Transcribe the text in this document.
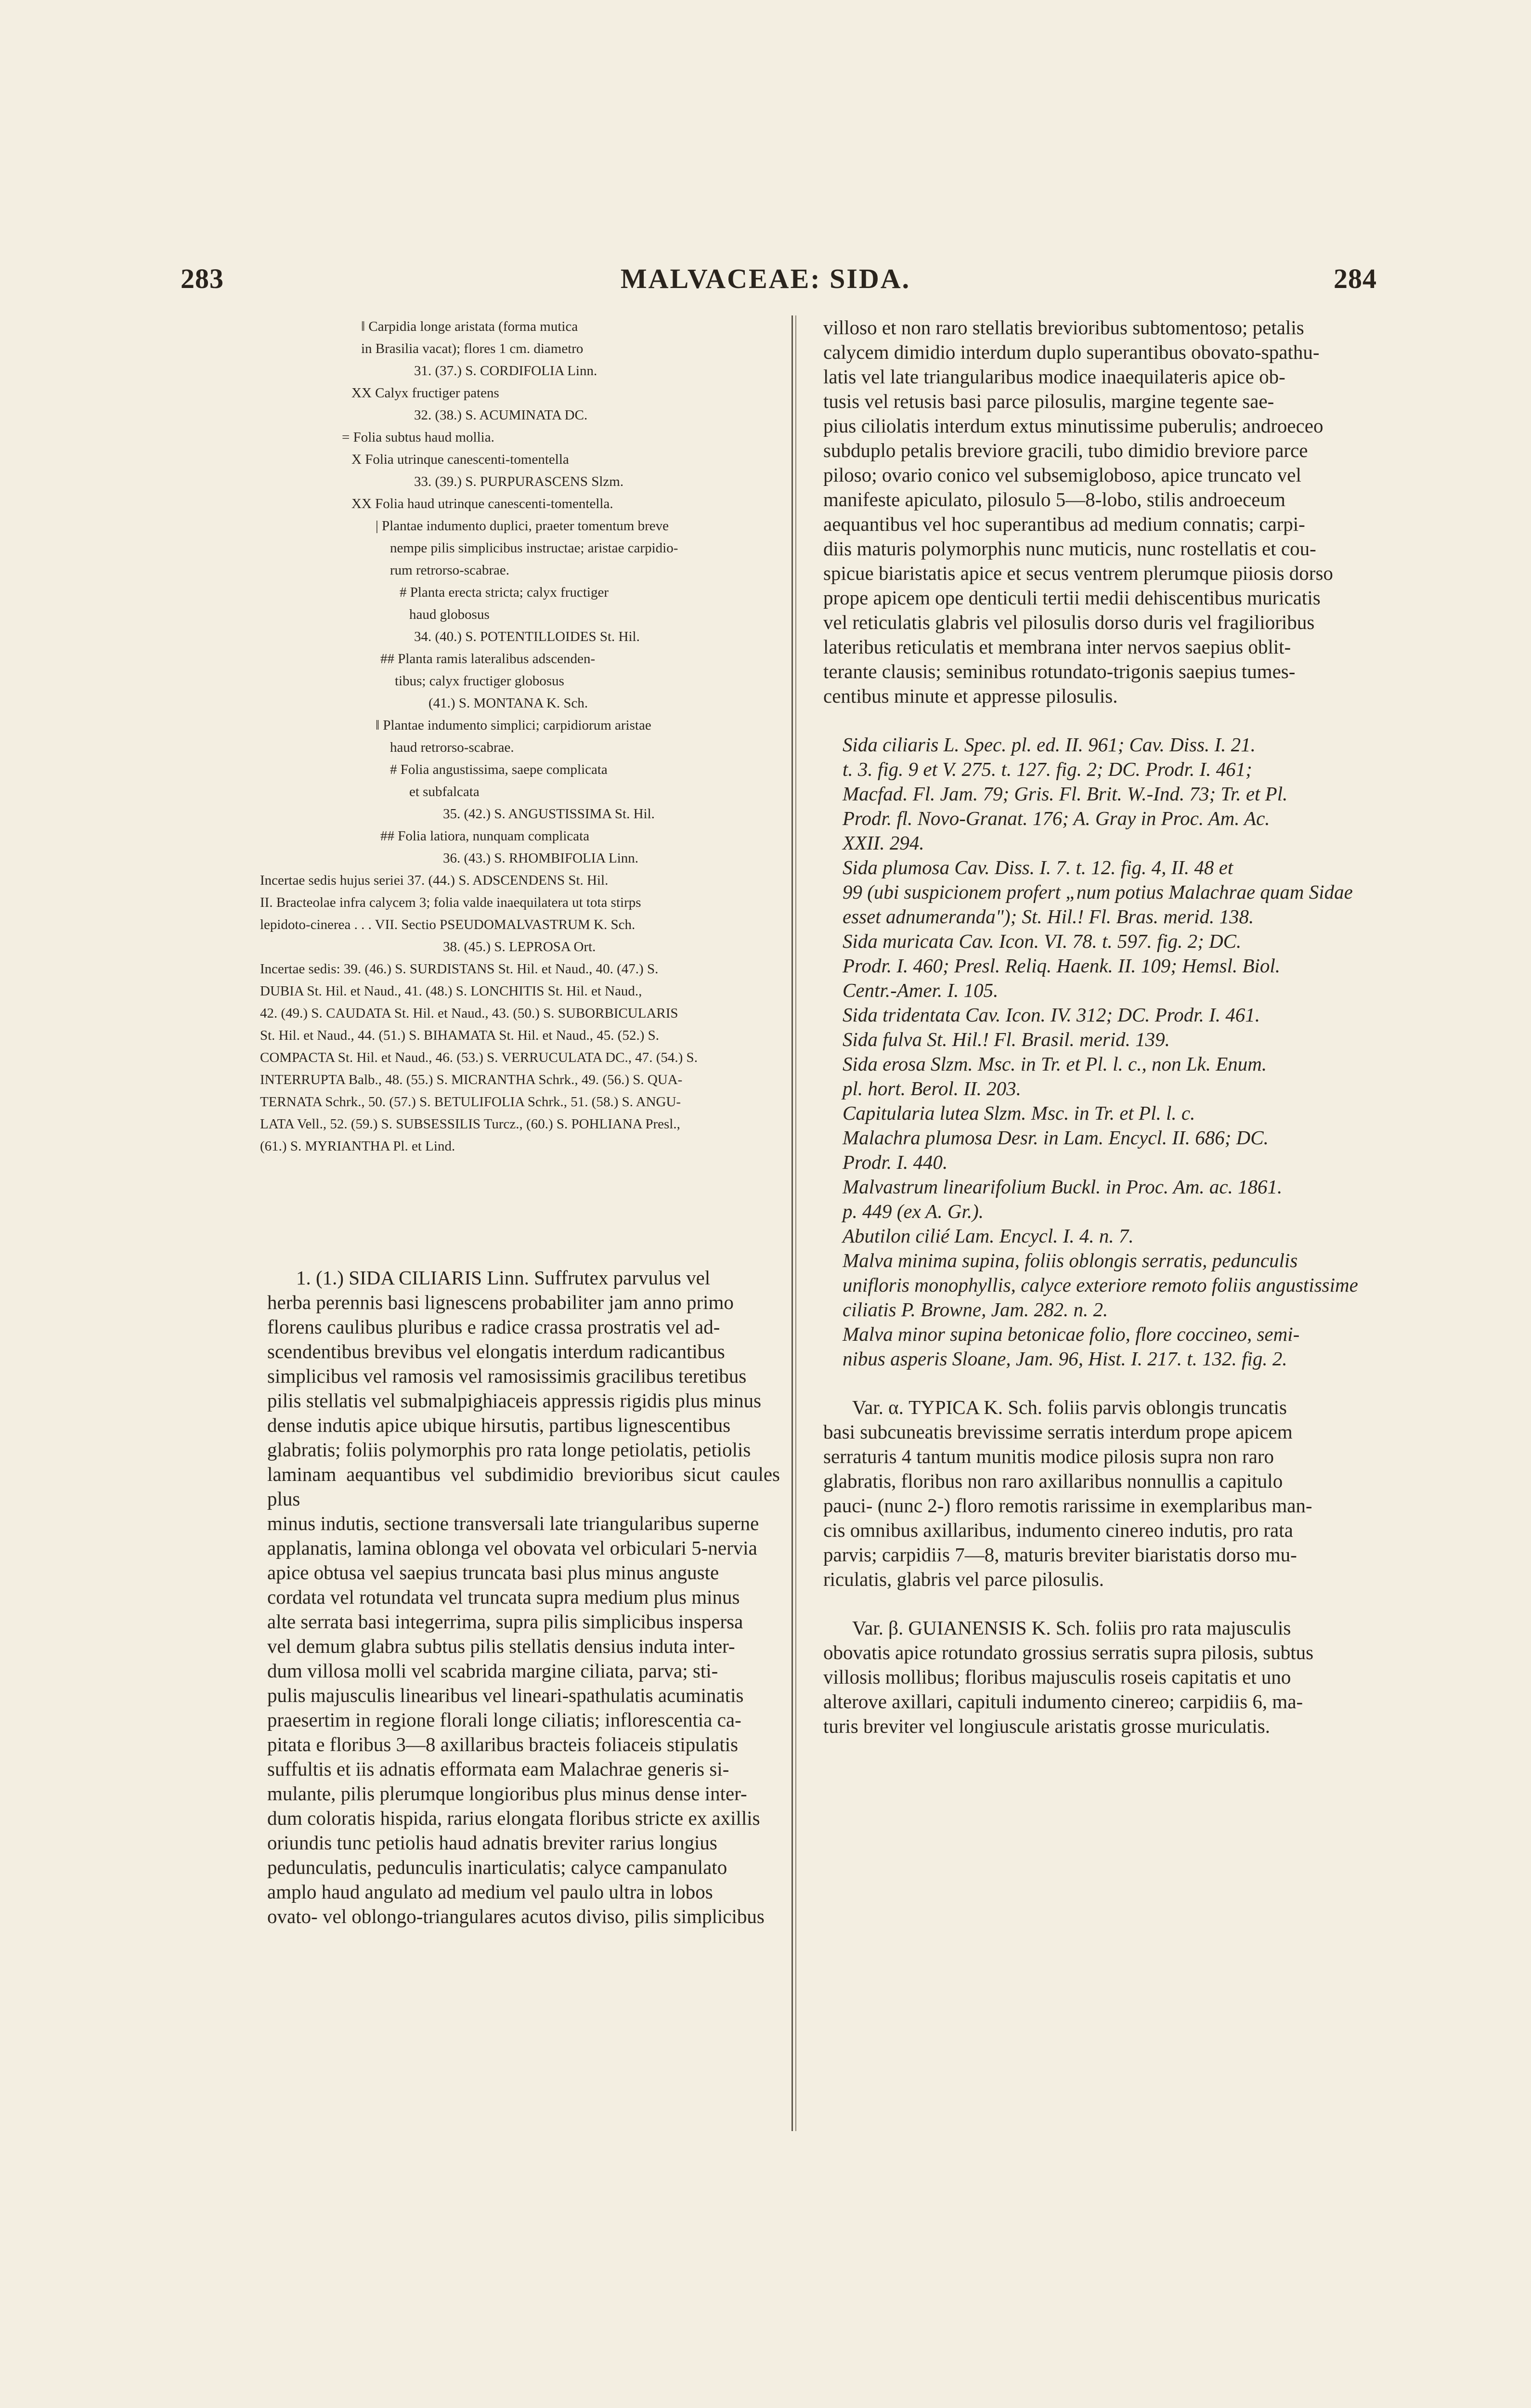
283	MALVACEAE: SIDA.	284
‖ Carpidia longe aristata (forma mutica
in Brasilia vacat); flores 1 cm. diametro
31. (37.) S. CORDIFOLIA Linn.
XX Calyx fructiger patens
32. (38.) S. ACUMINATA DC.
= Folia subtus haud mollia.
X Folia utrinque canescenti-tomentella
33. (39.) S. PURPURASCENS Slzm.
XX Folia haud utrinque canescenti-tomentella.
| Plantae indumento duplici, praeter tomentum breve
nempe pilis simplicibus instructae; aristae carpidio-
rum retrorso-scabrae.
# Planta erecta stricta; calyx fructiger
haud globosus
34. (40.) S. POTENTILLOIDES St. Hil.
## Planta ramis lateralibus adscenden-
tibus; calyx fructiger globosus
(41.) S. MONTANA K. Sch.
‖ Plantae indumento simplici; carpidiorum aristae
haud retrorso-scabrae.
# Folia angustissima, saepe complicata
et subfalcata
35. (42.) S. ANGUSTISSIMA St. Hil.
## Folia latiora, nunquam complicata
36. (43.) S. RHOMBIFOLIA Linn.
Incertae sedis hujus seriei 37. (44.) S. ADSCENDENS St. Hil.
II. Bracteolae infra calycem 3; folia valde inaequilatera ut tota stirps
lepidoto-cinerea . . . VII. Sectio PSEUDOMALVASTRUM K. Sch.
38. (45.) S. LEPROSA Ort.
Incertae sedis: 39. (46.) S. SURDISTANS St. Hil. et Naud., 40. (47.) S.
DUBIA St. Hil. et Naud., 41. (48.) S. LONCHITIS St. Hil. et Naud.,
42. (49.) S. CAUDATA St. Hil. et Naud., 43. (50.) S. SUBORBICULARIS
St. Hil. et Naud., 44. (51.) S. BIHAMATA St. Hil. et Naud., 45. (52.) S.
COMPACTA St. Hil. et Naud., 46. (53.) S. VERRUCULATA DC., 47. (54.) S.
INTERRUPTA Balb., 48. (55.) S. MICRANTHA Schrk., 49. (56.) S. QUA-
TERNATA Schrk., 50. (57.) S. BETULIFOLIA Schrk., 51. (58.) S. ANGU-
LATA Vell., 52. (59.) S. SUBSESSILIS Turcz., (60.) S. POHLIANA Presl.,
(61.) S. MYRIANTHA Pl. et Lind.

1. (1.) SIDA CILIARIS Linn. Suffrutex parvulus vel

herba perennis basi lignescens probabiliter jam anno primo

florens caulibus pluribus e radice crassa prostratis vel ad-

scendentibus brevibus vel elongatis interdum radicantibus

simplicibus vel ramosis vel ramosissimis gracilibus teretibus

pilis stellatis vel submalpighiaceis appressis rigidis plus minus

dense indutis apice ubique hirsutis, partibus lignescentibus

glabratis; foliis polymorphis pro rata longe petiolatis, petiolis

laminam aequantibus vel subdimidio brevioribus sicut caules plus

minus indutis, sectione transversali late triangularibus superne

applanatis, lamina oblonga vel obovata vel orbiculari 5-nervia

apice obtusa vel saepius truncata basi plus minus anguste

cordata vel rotundata vel truncata supra medium plus minus

alte serrata basi integerrima, supra pilis simplicibus inspersa

vel demum glabra subtus pilis stellatis densius induta inter-

dum villosa molli vel scabrida margine ciliata, parva; sti-

pulis majusculis linearibus vel lineari-spathulatis acuminatis

praesertim in regione florali longe ciliatis; inflorescentia ca-

pitata e floribus 3—8 axillaribus bracteis foliaceis stipulatis

suffultis et iis adnatis efformata eam Malachrae generis si-

mulante, pilis plerumque longioribus plus minus dense inter-

dum coloratis hispida, rarius elongata floribus stricte ex axillis

oriundis tunc petiolis haud adnatis breviter rarius longius

pedunculatis, pedunculis inarticulatis; calyce campanulato

amplo haud angulato ad medium vel paulo ultra in lobos

ovato- vel oblongo-triangulares acutos diviso, pilis simplicibus

villoso et non raro stellatis brevioribus subtomentoso; petalis

calycem dimidio interdum duplo superantibus obovato-spathu-

latis vel late triangularibus modice inaequilateris apice ob-

tusis vel retusis basi parce pilosulis, margine tegente sae-

pius ciliolatis interdum extus minutissime puberulis; androeceo

subduplo petalis breviore gracili, tubo dimidio breviore parce

piloso; ovario conico vel subsemigloboso, apice truncato vel

manifeste apiculato, pilosulo 5—8-lobo, stilis androeceum

aequantibus vel hoc superantibus ad medium connatis; carpi-

diis maturis polymorphis nunc muticis, nunc rostellatis et cou-

spicue biaristatis apice et secus ventrem plerumque piiosis dorso

prope apicem ope denticuli tertii medii dehiscentibus muricatis

vel reticulatis glabris vel pilosulis dorso duris vel fragilioribus

lateribus reticulatis et membrana inter nervos saepius oblit-

terante clausis; seminibus rotundato-trigonis saepius tumes-

centibus minute et appresse pilosulis.

Sida ciliaris L. Spec. pl. ed. II. 961; Cav. Diss. I. 21.

t. 3. fig. 9 et V. 275. t. 127. fig. 2; DC. Prodr. I. 461;

Macfad. Fl. Jam. 79; Gris. Fl. Brit. W.-Ind. 73; Tr. et Pl.

Prodr. fl. Novo-Granat. 176; A. Gray in Proc. Am. Ac.

XXII. 294.

Sida plumosa Cav. Diss. I. 7. t. 12. fig. 4, II. 48 et

99 (ubi suspicionem profert „num potius Malachrae quam Sidae

esset adnumeranda"); St. Hil.! Fl. Bras. merid. 138.

Sida muricata Cav. Icon. VI. 78. t. 597. fig. 2; DC.

Prodr. I. 460; Presl. Reliq. Haenk. II. 109; Hemsl. Biol.

Centr.-Amer. I. 105.

Sida tridentata Cav. Icon. IV. 312; DC. Prodr. I. 461.

Sida fulva St. Hil.! Fl. Brasil. merid. 139.

Sida erosa Slzm. Msc. in Tr. et Pl. l. c., non Lk. Enum.

pl. hort. Berol. II. 203.

Capitularia lutea Slzm. Msc. in Tr. et Pl. l. c.

Malachra plumosa Desr. in Lam. Encycl. II. 686; DC.

Prodr. I. 440.

Malvastrum linearifolium Buckl. in Proc. Am. ac. 1861.

p. 449 (ex A. Gr.).

Abutilon cilié Lam. Encycl. I. 4. n. 7.

Malva minima supina, foliis oblongis serratis, pedunculis

unifloris monophyllis, calyce exteriore remoto foliis angustissime

ciliatis P. Browne, Jam. 282. n. 2.

Malva minor supina betonicae folio, flore coccineo, semi-

nibus asperis Sloane, Jam. 96, Hist. I. 217. t. 132. fig. 2.

Var. α. TYPICA K. Sch. foliis parvis oblongis truncatis

basi subcuneatis brevissime serratis interdum prope apicem

serraturis 4 tantum munitis modice pilosis supra non raro

glabratis, floribus non raro axillaribus nonnullis a capitulo

pauci- (nunc 2-) floro remotis rarissime in exemplaribus man-

cis omnibus axillaribus, indumento cinereo indutis, pro rata

parvis; carpidiis 7—8, maturis breviter biaristatis dorso mu-

riculatis, glabris vel parce pilosulis.

Var. β. GUIANENSIS K. Sch. foliis pro rata majusculis

obovatis apice rotundato grossius serratis supra pilosis, subtus

villosis mollibus; floribus majusculis roseis capitatis et uno

alterove axillari, capituli indumento cinereo; carpidiis 6, ma-

turis breviter vel longiuscule aristatis grosse muriculatis.
